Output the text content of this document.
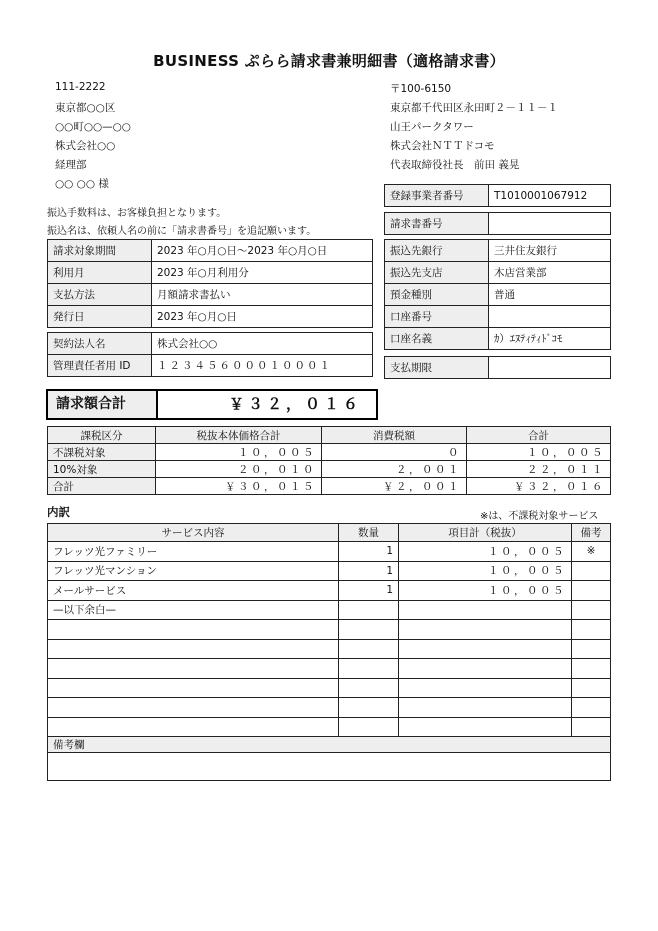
BUSINESS ぷらら請求書兼明細書（適格請求書）
111-2222
東京都○○区
○○町○○—○○
株式会社○○
経理部
○○ ○○ 様
〒100-6150
東京都千代田区永田町２－１１－１
山王パークタワー
株式会社ＮＴＴドコモ
代表取締役社長　前田 義晃
登録事業者番号	T1010001067912

請求書番号	
振込手数料は、お客様負担となります。
振込名は、依頼人名の前に「請求書番号」を追記願います。
請求対象期間	2023 年○月○日～2023 年○月○日
利用月	2023 年○月利用分
支払方法	月額請求書払い
発行日	2023 年○月○日
契約法人名	株式会社○○
管理責任者用 ID	１２３４５６０００１０００１
振込先銀行	三井住友銀行
振込先支店	木店営業部
預金種別	普通
口座番号	
口座名義	ｶ）ｴﾇﾃｨﾃｨﾄﾞｺﾓ
支払期限	
請求額合計	￥３２，０１６
課税区分	税抜本体価格合計	消費税額	合計
不課税対象	１０，００５	０	１０，００５
10%対象	２０，０１０	２，００１	２２，０１１
合計	￥３０，０１５	￥２，００１	￥３２，０１６
内訳	※は、不課税対象サービス
サービス内容	数量	項目計（税抜）	備考
フレッツ光ファミリー	1	１０，００５	※
フレッツ光マンション	1	１０，００５	
メールサービス	1	１０，００５	
—以下余白—			

備考欄
